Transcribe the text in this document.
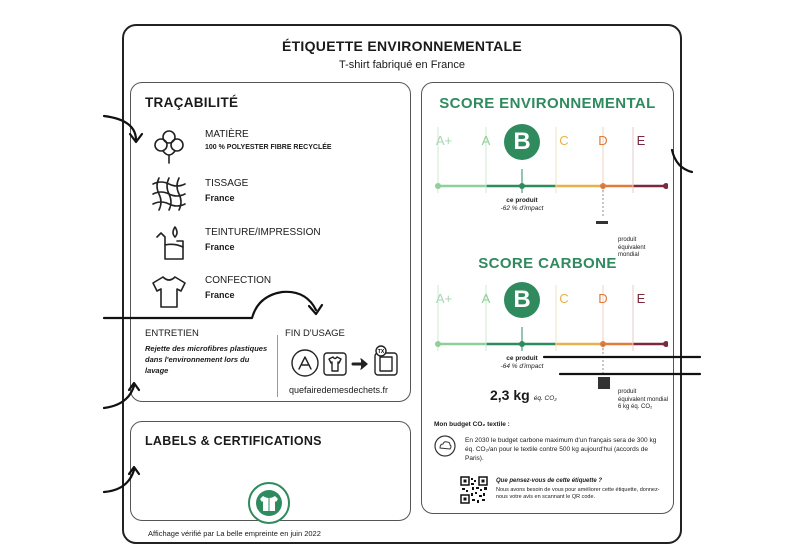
ÉTIQUETTE ENVIRONNEMENTALE
T-shirt fabriqué en France
TRAÇABILITÉ
MATIÈRE
100 % POLYESTER FIBRE RECYCLÉE
TISSAGE
France
TEINTURE/IMPRESSION
France
CONFECTION
France
ENTRETIEN
Rejette des microfibres plastiques dans l'environnement lors du lavage
FIN D'USAGE
TX
quefairedemesdechets.fr
LABELS & CERTIFICATIONS
SCORE ENVIRONNEMENTAL
A+	A B	C	D	E
ce produit
-62 % d'impact
produit
équivalent
mondial
SCORE CARBONE
A+	A B	C	D	E
ce produit
-64 % d'impact
2,3 kg éq. CO₂
produit
équivalent mondial
6 kg éq. CO₂
Mon budget CO₂ textile :
En 2030 le budget carbone maximum d'un français sera de 300 kg éq. CO₂/an pour le textile contre 500 kg aujourd'hui (accords de Paris).
Que pensez-vous de cette étiquette ?
Nous avons besoin de vous pour améliorer cette étiquette, donnez-nous votre avis en scannant le QR code.
Affichage vérifié par La belle empreinte en juin 2022
